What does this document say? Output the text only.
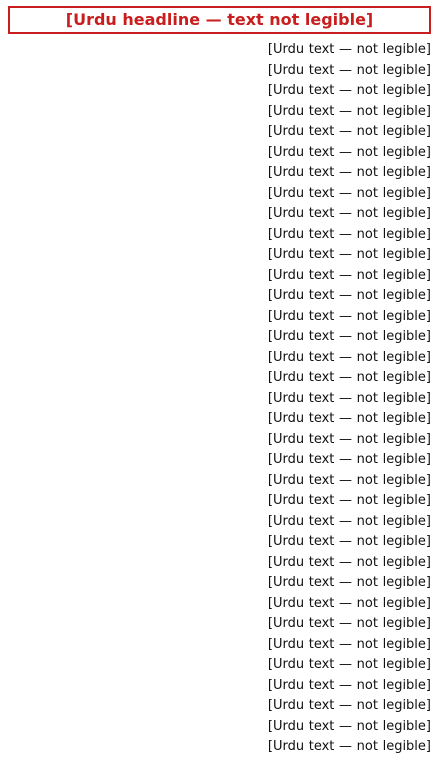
[Urdu headline — text not legible]
[Urdu text — not legible]
[Urdu text — not legible]
[Urdu text — not legible]
[Urdu text — not legible]
[Urdu text — not legible]
[Urdu text — not legible]
[Urdu text — not legible]
[Urdu text — not legible]
[Urdu text — not legible]
[Urdu text — not legible]
[Urdu text — not legible]
[Urdu text — not legible]
[Urdu text — not legible]
[Urdu text — not legible]
[Urdu text — not legible]
[Urdu text — not legible]
[Urdu text — not legible]
[Urdu text — not legible]
[Urdu text — not legible]
[Urdu text — not legible]
[Urdu text — not legible]
[Urdu text — not legible]
[Urdu text — not legible]
[Urdu text — not legible]
[Urdu text — not legible]
[Urdu text — not legible]
[Urdu text — not legible]
[Urdu text — not legible]
[Urdu text — not legible]
[Urdu text — not legible]
[Urdu text — not legible]
[Urdu text — not legible]
[Urdu text — not legible]
[Urdu text — not legible]
[Urdu text — not legible]
